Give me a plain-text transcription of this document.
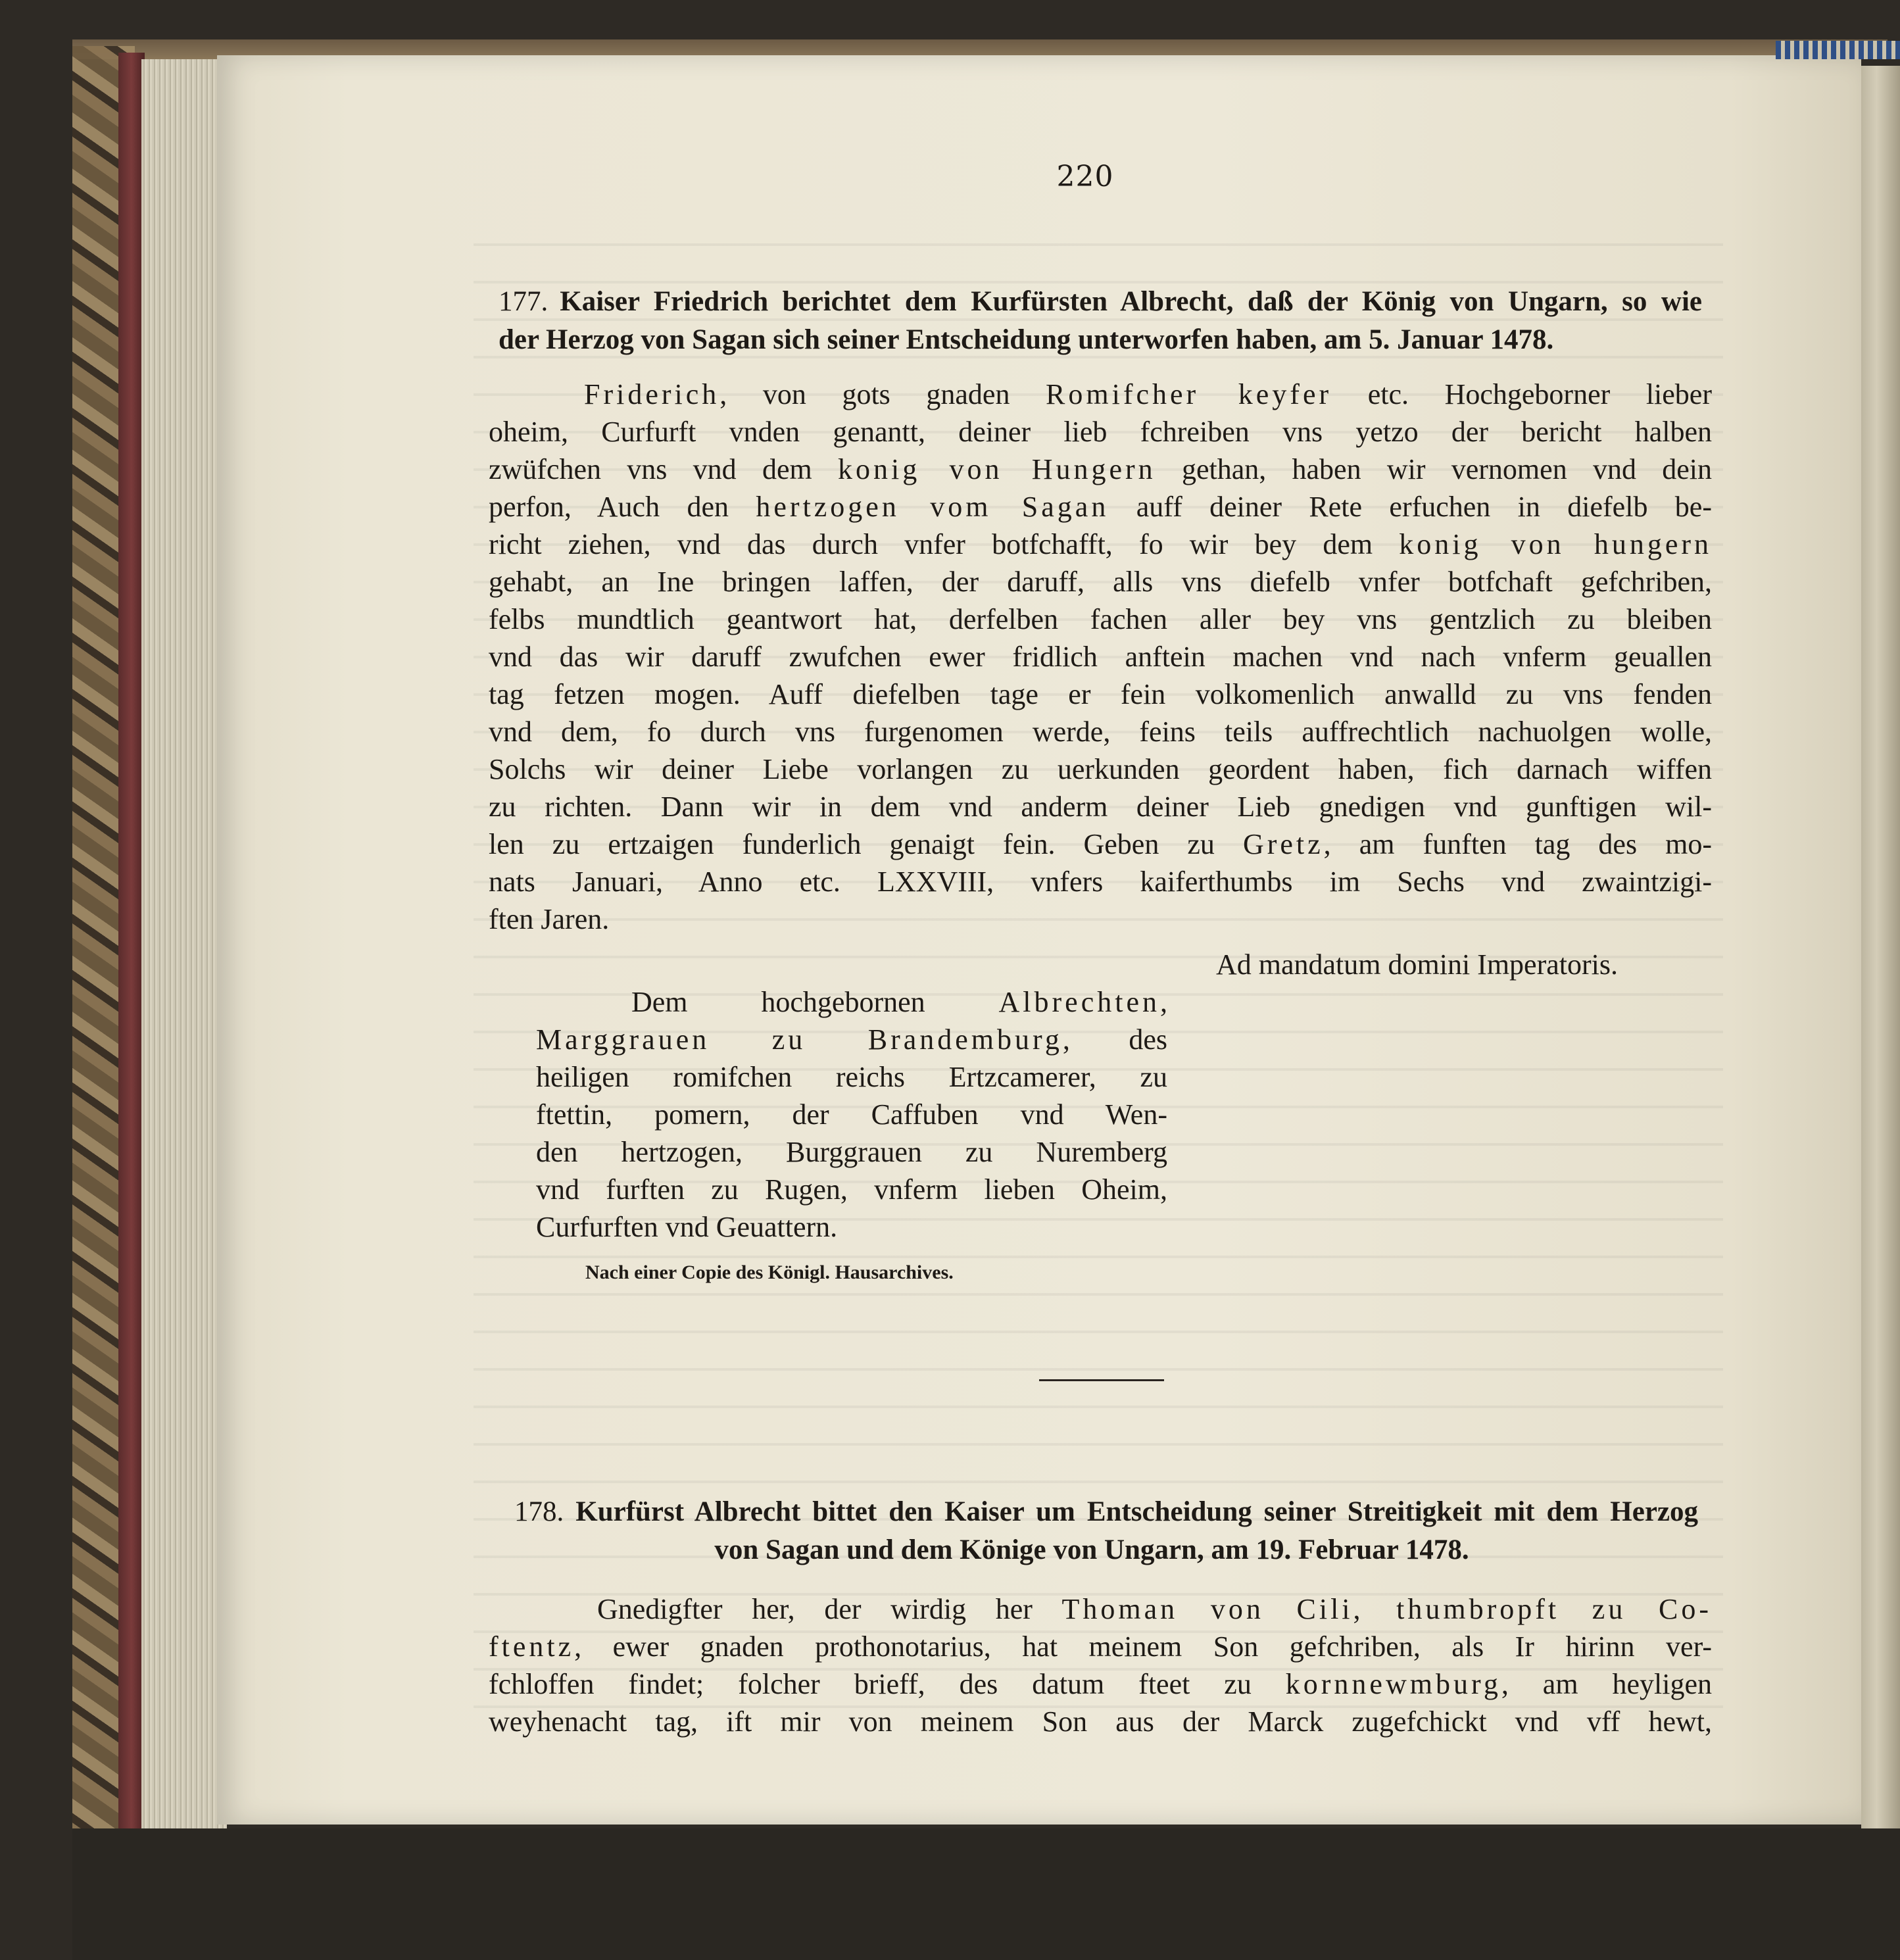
220
177. Kaiser Friedrich berichtet dem Kurfürsten Albrecht, daß der König von Ungarn, so wie
der Herzog von Sagan sich seiner Entscheidung unterworfen haben, am 5. Januar 1478.
Friderich, von gots gnaden Romifcher keyfer etc. Hochgeborner lieber
oheim, Curfurft vnden genantt, deiner lieb fchreiben vns yetzo der bericht halben
zwüfchen vns vnd dem konig von Hungern gethan, haben wir vernomen vnd dein
perfon, Auch den hertzogen vom Sagan auff deiner Rete erfuchen in diefelb be-
richt ziehen, vnd das durch vnfer botfchafft, fo wir bey dem konig von hungern
gehabt, an Ine bringen laffen, der daruff, alls vns diefelb vnfer botfchaft gefchriben,
felbs mundtlich geantwort hat, derfelben fachen aller bey vns gentzlich zu bleiben
vnd das wir daruff zwufchen ewer fridlich anftein machen vnd nach vnferm geuallen
tag fetzen mogen. Auff diefelben tage er fein volkomenlich anwalld zu vns fenden
vnd dem, fo durch vns furgenomen werde, feins teils auffrechtlich nachuolgen wolle,
Solchs wir deiner Liebe vorlangen zu uerkunden geordent haben, fich darnach wiffen
zu richten. Dann wir in dem vnd anderm deiner Lieb gnedigen vnd gunftigen wil-
len zu ertzaigen funderlich genaigt fein. Geben zu Gretz, am funften tag des mo-
nats Januari, Anno etc. LXXVIII, vnfers kaiferthumbs im Sechs vnd zwaintzigi-
ften Jaren.
Ad mandatum domini Imperatoris.
Dem hochgebornen Albrechten,
Marggrauen zu Brandemburg, des
heiligen romifchen reichs Ertzcamerer, zu
ftettin, pomern, der Caffuben vnd Wen-
den hertzogen, Burggrauen zu Nuremberg
vnd furften zu Rugen, vnferm lieben Oheim,
Curfurften vnd Geuattern.
Nach einer Copie des Königl. Hausarchives.
178. Kurfürst Albrecht bittet den Kaiser um Entscheidung seiner Streitigkeit mit dem Herzog
von Sagan und dem Könige von Ungarn, am 19. Februar 1478.
Gnedigfter her, der wirdig her Thoman von Cili, thumbropft zu Co-
ftentz, ewer gnaden prothonotarius, hat meinem Son gefchriben, als Ir hirinn ver-
fchloffen findet; folcher brieff, des datum fteet zu kornnewmburg, am heyligen
weyhenacht tag, ift mir von meinem Son aus der Marck zugefchickt vnd vff hewt,
